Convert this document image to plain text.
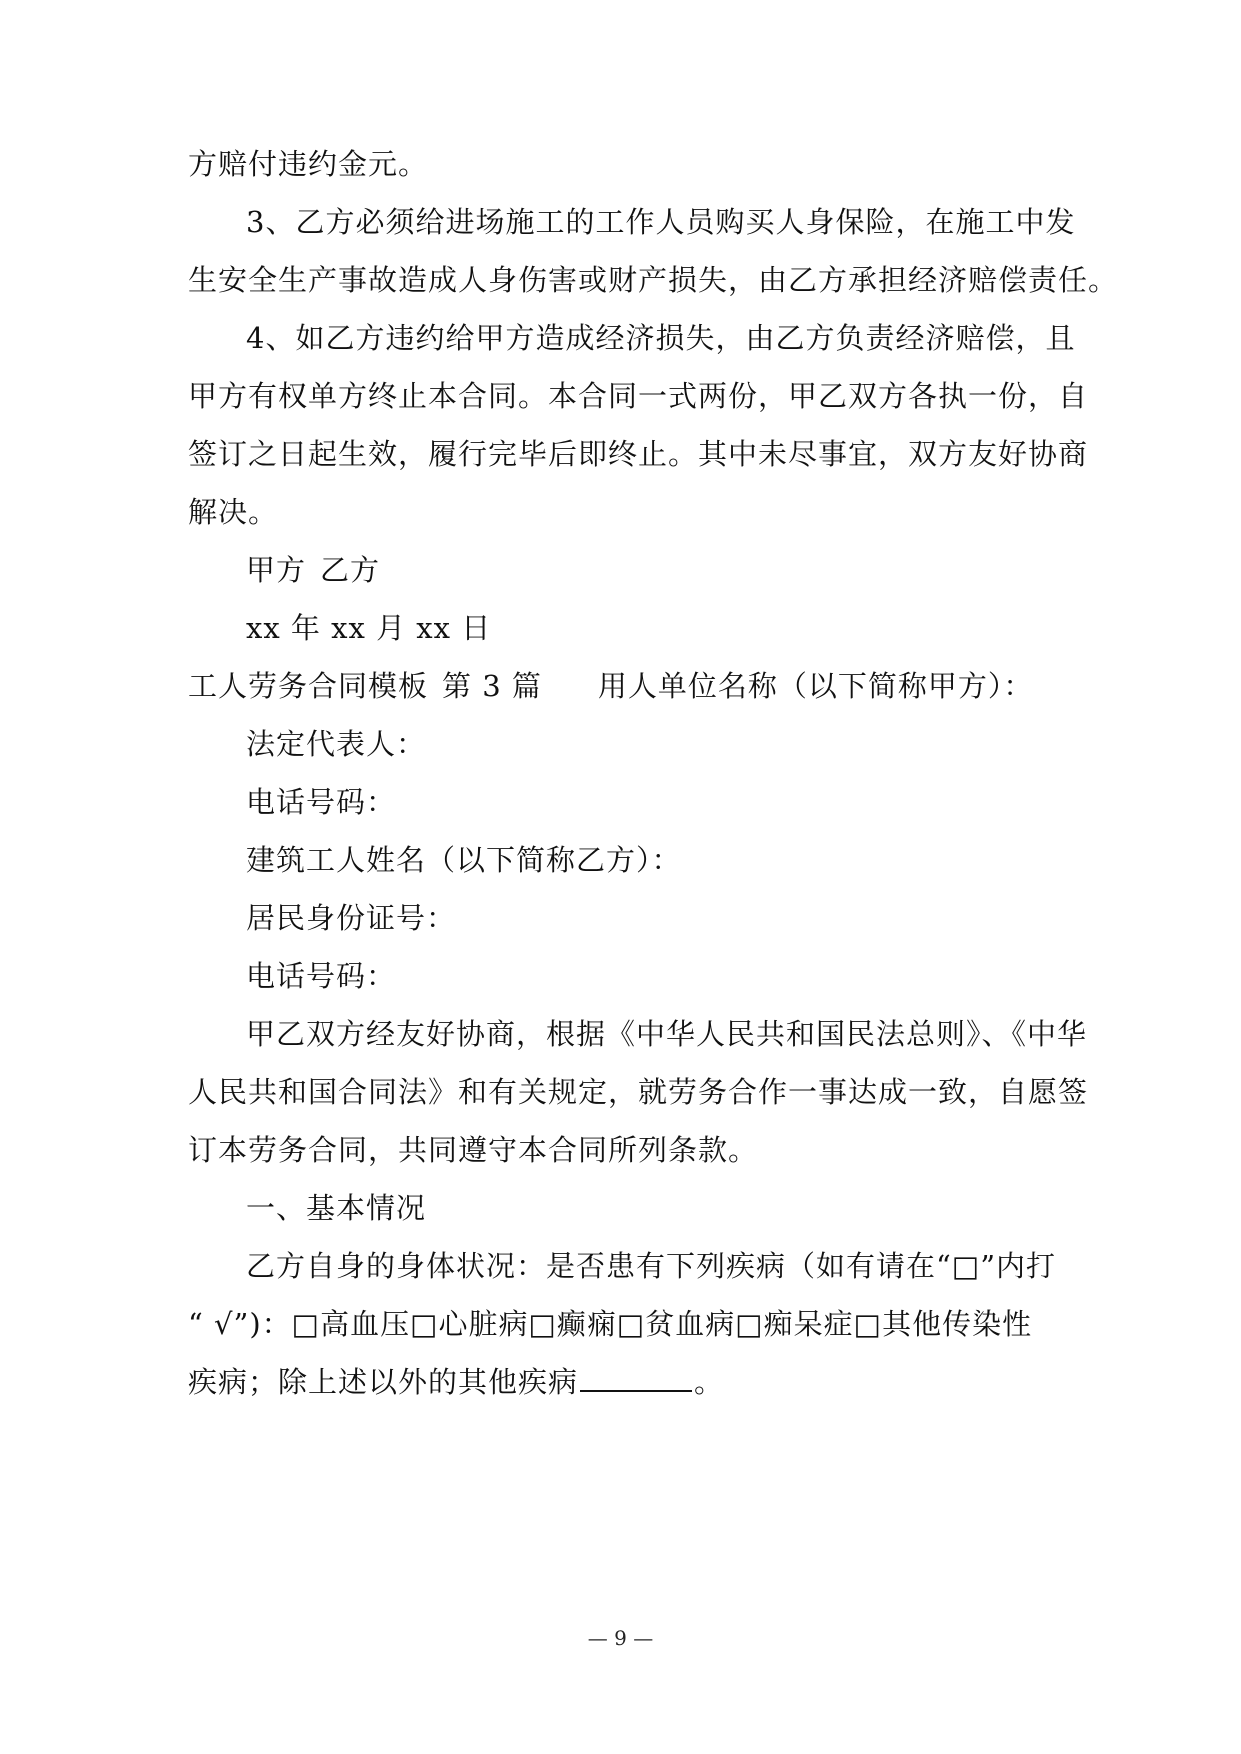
方赔付违约金元。
3、乙方必须给进场施工的工作人员购买人身保险，在施工中发
生安全生产事故造成人身伤害或财产损失，由乙方承担经济赔偿责任。
4、如乙方违约给甲方造成经济损失，由乙方负责经济赔偿，且
甲方有权单方终止本合同。本合同一式两份，甲乙双方各执一份，自
签订之日起生效，履行完毕后即终止。其中未尽事宜，双方友好协商
解决。
甲方 乙方
xx 年 xx 月 xx 日
工人劳务合同模板 第 3 篇 用人单位名称（以下简称甲方）：
法定代表人：
电话号码：
建筑工人姓名（以下简称乙方）：
居民身份证号：
电话号码：
甲乙双方经友好协商，根据《中华人民共和国民法总则》、《中华
人民共和国合同法》和有关规定，就劳务合作一事达成一致，自愿签
订本劳务合同，共同遵守本合同所列条款。
一、基本情况
乙方自身的身体状况：是否患有下列疾病（如有请在“□”内打
“ √”)：□高血压□心脏病□癫痫□贫血病□痴呆症□其他传染性
疾病；除上述以外的其他疾病	。
— 9 —
